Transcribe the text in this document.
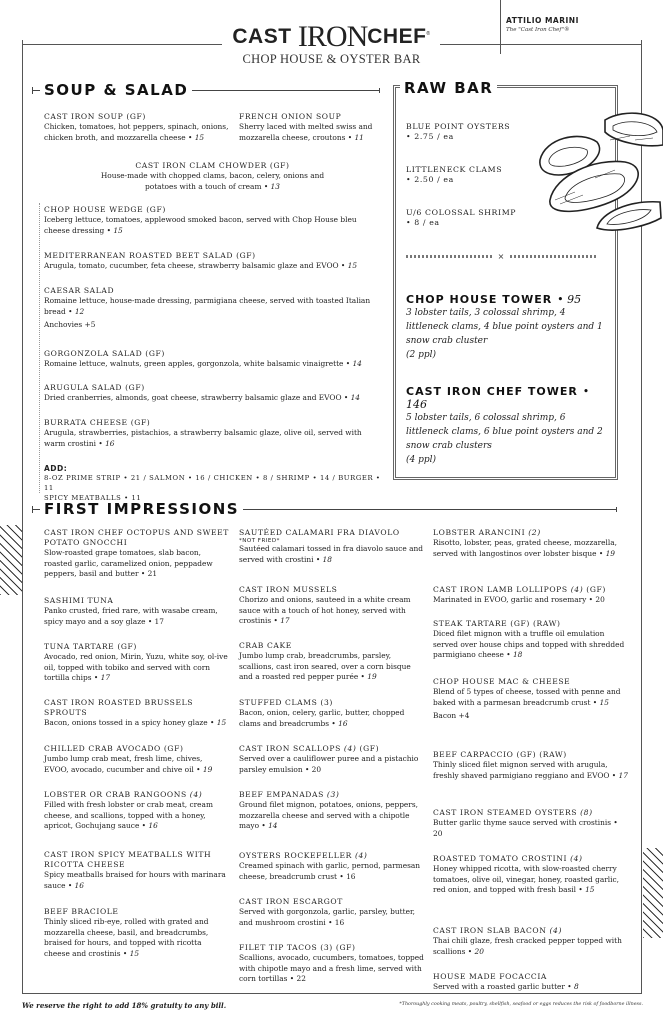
CAST IRONCHEF®
CHOP HOUSE & OYSTER BAR
ATTILIO MARINI
The "Cast Iron Chef"®
SOUP & SALAD
CAST IRON SOUP (GF)
Chicken, tomatoes, hot peppers, spinach, onions, chicken broth, and mozzarella cheese • 15
FRENCH ONION SOUP
Sherry laced with melted swiss and mozzarella cheese, croutons • 11
CAST IRON CLAM CHOWDER (GF)
House-made with chopped clams, bacon, celery, onions and potatoes with a touch of cream • 13
CHOP HOUSE WEDGE (GF)
Iceberg lettuce, tomatoes, applewood smoked bacon, served with Chop House bleu cheese dressing • 15
MEDITERRANEAN ROASTED BEET SALAD (GF)
Arugula, tomato, cucumber, feta cheese, strawberry balsamic glaze and EVOO • 15
CAESAR SALAD
Romaine lettuce, house-made dressing, parmigiana cheese, served with toasted Italian bread • 12
Anchovies +5
GORGONZOLA SALAD (GF)
Romaine lettuce, walnuts, green apples, gorgonzola, white balsamic vinaigrette • 14
ARUGULA SALAD (GF)
Dried cranberries, almonds, goat cheese, strawberry balsamic glaze and EVOO • 14
BURRATA CHEESE (GF)
Arugula, strawberries, pistachios, a strawberry balsamic glaze, olive oil, served with warm crostini • 16
ADD:
8-OZ PRIME STRIP • 21 / SALMON • 16 / CHICKEN • 8 / SHRIMP • 14 / BURGER • 11
SPICY MEATBALLS • 11
RAW BAR
BLUE POINT OYSTERS
• 2.75 / ea
LITTLENECK CLAMS
• 2.50 / ea
U/6 COLOSSAL SHRIMP
• 8 / ea
×
CHOP HOUSE TOWER • 95
3 lobster tails, 3 colossal shrimp, 4 littleneck clams, 4 blue point oysters and 1 snow crab cluster
(2 ppl)
CAST IRON CHEF TOWER • 146
5 lobster tails, 6 colossal shrimp, 6 littleneck clams, 6 blue point oysters and 2 snow crab clusters
(4 ppl)
FIRST IMPRESSIONS
CAST IRON CHEF OCTOPUS AND SWEET POTATO GNOCCHI
Slow-roasted grape tomatoes, slab bacon, roasted garlic, caramelized onion, peppadew peppers, basil and butter • 21
SASHIMI TUNA
Panko crusted, fried rare, with wasabe cream, spicy mayo and a soy glaze • 17
TUNA TARTARE (GF)
Avocado, red onion, Mirin, Yuzu, white soy, ol-ive oil, topped with tobiko and served with corn tortilla chips • 17
CAST IRON ROASTED BRUSSELS SPROUTS
Bacon, onions tossed in a spicy honey glaze • 15
CHILLED CRAB AVOCADO (GF)
Jumbo lump crab meat, fresh lime, chives, EVOO, avocado, cucumber and chive oil • 19
LOBSTER OR CRAB RANGOONS (4)
Filled with fresh lobster or crab meat, cream cheese, and scallions, topped with a honey, apricot, Gochujang sauce • 16
CAST IRON SPICY MEATBALLS WITH RICOTTA CHEESE
Spicy meatballs braised for hours with marinara sauce • 16
BEEF BRACIOLE
Thinly sliced rib-eye, rolled with grated and mozzarella cheese, basil, and breadcrumbs, braised for hours, and topped with ricotta cheese and crostinis • 15
SAUTÉED CALAMARI FRA DIAVOLO
*NOT FRIED*
Sautéed calamari tossed in fra diavolo sauce and served with crostini • 18
CAST IRON MUSSELS
Chorizo and onions, sauteed in a white cream sauce with a touch of hot honey, served with crostinis • 17
CRAB CAKE
Jumbo lump crab, breadcrumbs, parsley, scallions, cast iron seared, over a corn bisque and a roasted red pepper purée • 19
STUFFED CLAMS (3)
Bacon, onion, celery, garlic, butter, chopped clams and breadcrumbs • 16
CAST IRON SCALLOPS (4) (GF)
Served over a cauliflower puree and a pistachio parsley emulsion • 20
BEEF EMPANADAS (3)
Ground filet mignon, potatoes, onions, peppers, mozzarella cheese and served with a chipotle mayo • 14
OYSTERS ROCKEFELLER (4)
Creamed spinach with garlic, pernod, parmesan cheese, breadcrumb crust • 16
CAST IRON ESCARGOT
Served with gorgonzola, garlic, parsley, butter, and mushroom crostini • 16
FILET TIP TACOS (3) (GF)
Scallions, avocado, cucumbers, tomatoes, topped with chipotle mayo and a fresh lime, served with corn tortillas • 22
LOBSTER ARANCINI (2)
Risotto, lobster, peas, grated cheese, mozzarella, served with langostinos over lobster bisque • 19
CAST IRON LAMB LOLLIPOPS (4) (GF)
Marinated in EVOO, garlic and rosemary • 20
STEAK TARTARE (GF) (RAW)
Diced filet mignon with a truffle oil emulation served over house chips and topped with shredded parmigiano cheese • 18
CHOP HOUSE MAC & CHEESE
Blend of 5 types of cheese, tossed with penne and baked with a parmesan breadcrumb crust • 15
Bacon +4
BEEF CARPACCIO (GF) (RAW)
Thinly sliced filet mignon served with arugula, freshly shaved parmigiano reggiano and EVOO • 17
CAST IRON STEAMED OYSTERS (8)
Butter garlic thyme sauce served with crostinis • 20
ROASTED TOMATO CROSTINI (4)
Honey whipped ricotta, with slow-roasted cherry tomatoes, olive oil, vinegar, honey, roasted garlic, red onion, and topped with fresh basil • 15
CAST IRON SLAB BACON (4)
Thai chili glaze, fresh cracked pepper topped with scallions • 20
HOUSE MADE FOCACCIA
Served with a roasted garlic butter • 8
We reserve the right to add 18% gratuity to any bill.	*Thoroughly cooking meats, poultry, shellfish, seafood or eggs reduces the risk of foodborne illness.
